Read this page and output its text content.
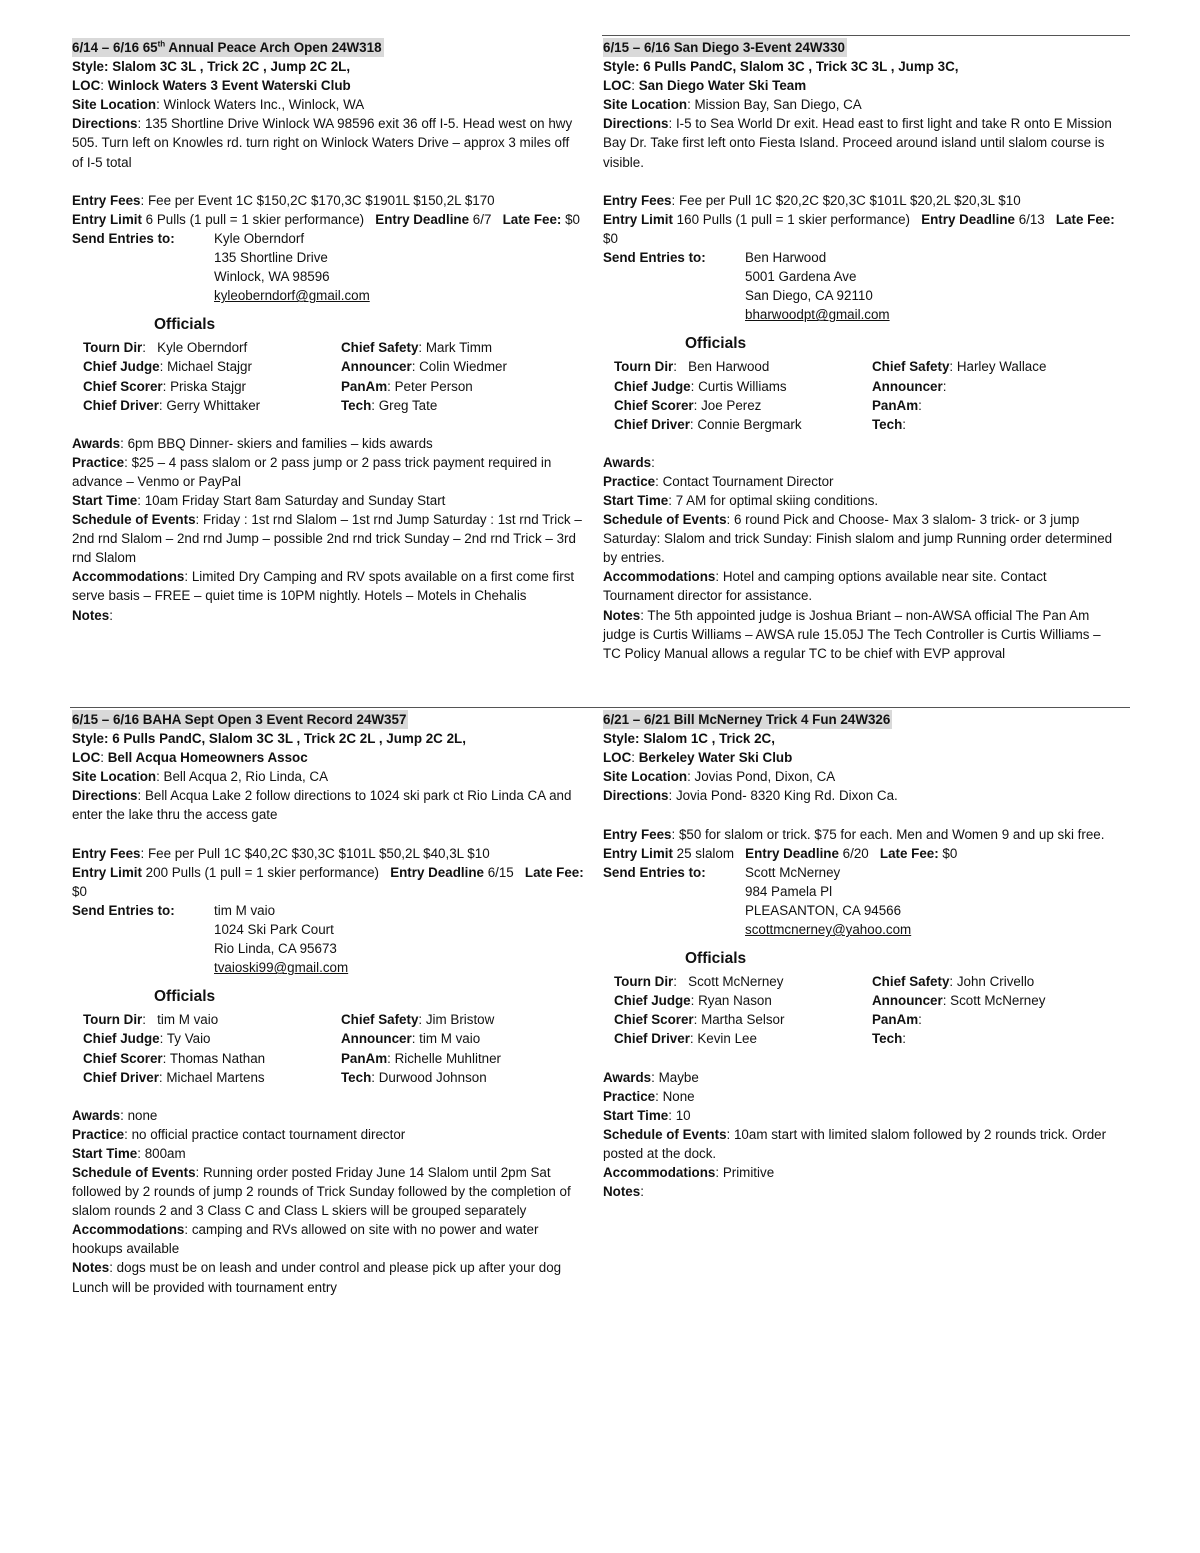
6/14 – 6/16 65th Annual Peace Arch Open 24W318
Style: Slalom 3C 3L , Trick 2C , Jump 2C 2L,
LOC: Winlock Waters 3 Event Waterski Club
Site Location: Winlock Waters Inc., Winlock, WA
Directions: 135 Shortline Drive Winlock WA 98596 exit 36 off I-5. Head west on hwy 505. Turn left on Knowles rd. turn right on Winlock Waters Drive – approx 3 miles off of I-5 total
Entry Fees: Fee per Event 1C $150,2C $170,3C $1901L $150,2L $170
Entry Limit 6 Pulls (1 pull = 1 skier performance) Entry Deadline 6/7 Late Fee: $0
Send Entries to:	Kyle Oberndorf
135 Shortline Drive
Winlock, WA 98596
kyleoberndorf@gmail.com
Officials
Tourn Dir:   Kyle Oberndorf	Chief Safety: Mark Timm
Chief Judge: Michael Stajgr	Announcer: Colin Wiedmer
Chief Scorer: Priska Stajgr	PanAm: Peter Person
Chief Driver: Gerry Whittaker	Tech: Greg Tate
Awards: 6pm BBQ Dinner- skiers and families – kids awards
Practice: $25 – 4 pass slalom or 2 pass jump or 2 pass trick payment required in advance – Venmo or PayPal
Start Time: 10am Friday Start 8am Saturday and Sunday Start
Schedule of Events: Friday : 1st rnd Slalom – 1st rnd Jump Saturday : 1st rnd Trick – 2nd rnd Slalom – 2nd rnd Jump – possible 2nd rnd trick Sunday – 2nd rnd Trick – 3rd rnd Slalom
Accommodations: Limited Dry Camping and RV spots available on a first come first serve basis – FREE – quiet time is 10PM nightly. Hotels – Motels in Chehalis
Notes:
6/15 – 6/16 San Diego 3-Event 24W330
Style: 6 Pulls PandC, Slalom 3C , Trick 3C 3L , Jump 3C,
LOC: San Diego Water Ski Team
Site Location: Mission Bay, San Diego, CA
Directions: I-5 to Sea World Dr exit. Head east to first light and take R onto E Mission Bay Dr. Take first left onto Fiesta Island. Proceed around island until slalom course is visible.
Entry Fees: Fee per Pull 1C $20,2C $20,3C $101L $20,2L $20,3L $10
Entry Limit 160 Pulls (1 pull = 1 skier performance) Entry Deadline 6/13 Late Fee: $0
Send Entries to:	Ben Harwood
5001 Gardena Ave
San Diego, CA 92110
bharwoodpt@gmail.com
Officials
Tourn Dir:   Ben Harwood	Chief Safety: Harley Wallace
Chief Judge: Curtis Williams	Announcer:
Chief Scorer: Joe Perez	PanAm:
Chief Driver: Connie Bergmark	Tech:
Awards:
Practice: Contact Tournament Director
Start Time: 7 AM for optimal skiing conditions.
Schedule of Events: 6 round Pick and Choose- Max 3 slalom- 3 trick- or 3 jump Saturday: Slalom and trick Sunday: Finish slalom and jump Running order determined by entries.
Accommodations: Hotel and camping options available near site. Contact Tournament director for assistance.
Notes: The 5th appointed judge is Joshua Briant – non-AWSA official The Pan Am judge is Curtis Williams – AWSA rule 15.05J The Tech Controller is Curtis Williams – TC Policy Manual allows a regular TC to be chief with EVP approval
6/15 – 6/16 BAHA Sept Open 3 Event Record 24W357
Style: 6 Pulls PandC, Slalom 3C 3L , Trick 2C 2L , Jump 2C 2L,
LOC: Bell Acqua Homeowners Assoc
Site Location: Bell Acqua 2, Rio Linda, CA
Directions: Bell Acqua Lake 2 follow directions to 1024 ski park ct Rio Linda CA and enter the lake thru the access gate
Entry Fees: Fee per Pull 1C $40,2C $30,3C $101L $50,2L $40,3L $10
Entry Limit 200 Pulls (1 pull = 1 skier performance) Entry Deadline 6/15 Late Fee: $0
Send Entries to:	tim M vaio
1024 Ski Park Court
Rio Linda, CA 95673
tvaioski99@gmail.com
Officials
Tourn Dir:   tim M vaio	Chief Safety: Jim Bristow
Chief Judge: Ty Vaio	Announcer: tim M vaio
Chief Scorer: Thomas Nathan	PanAm: Richelle Muhlitner
Chief Driver: Michael Martens	Tech: Durwood Johnson
Awards: none
Practice: no official practice contact tournament director
Start Time: 800am
Schedule of Events: Running order posted Friday June 14 Slalom until 2pm Sat followed by 2 rounds of jump 2 rounds of Trick Sunday followed by the completion of slalom rounds 2 and 3 Class C and Class L skiers will be grouped separately
Accommodations: camping and RVs allowed on site with no power and water hookups available
Notes: dogs must be on leash and under control and please pick up after your dog Lunch will be provided with tournament entry
6/21 – 6/21 Bill McNerney Trick 4 Fun 24W326
Style: Slalom 1C , Trick 2C,
LOC: Berkeley Water Ski Club
Site Location: Jovias Pond, Dixon, CA
Directions: Jovia Pond- 8320 King Rd. Dixon Ca.
Entry Fees: $50 for slalom or trick. $75 for each. Men and Women 9 and up ski free.
Entry Limit 25 slalom Entry Deadline 6/20 Late Fee: $0
Send Entries to:	Scott McNerney
984 Pamela Pl
PLEASANTON, CA 94566
scottmcnerney@yahoo.com
Officials
Tourn Dir:   Scott McNerney	Chief Safety: John Crivello
Chief Judge: Ryan Nason	Announcer: Scott McNerney
Chief Scorer: Martha Selsor	PanAm:
Chief Driver: Kevin Lee	Tech:
Awards: Maybe
Practice: None
Start Time: 10
Schedule of Events: 10am start with limited slalom followed by 2 rounds trick. Order posted at the dock.
Accommodations: Primitive
Notes:
